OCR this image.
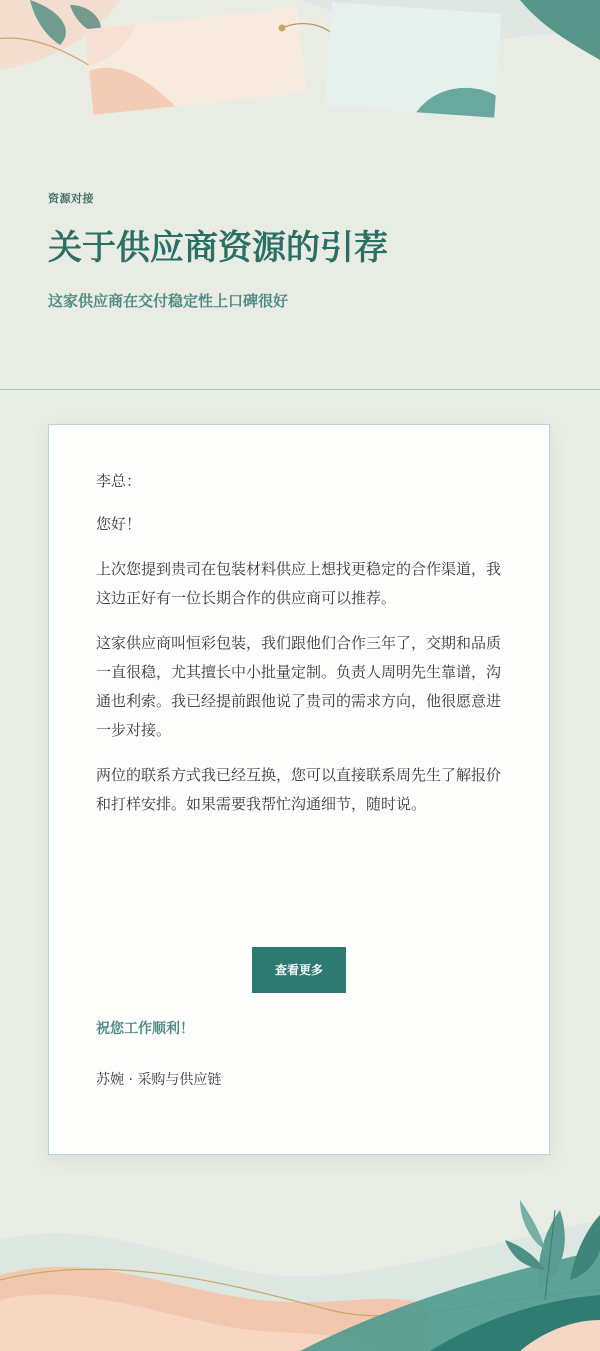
资源对接
关于供应商资源的引荐
这家供应商在交付稳定性上口碑很好

李总：

您好！

上次您提到贵司在包装材料供应上想找更稳定的合作渠道，我这边正好有一位长期合作的供应商可以推荐。

这家供应商叫恒彩包装，我们跟他们合作三年了，交期和品质一直很稳，尤其擅长中小批量定制。负责人周明先生靠谱，沟通也利索。我已经提前跟他说了贵司的需求方向，他很愿意进一步对接。

两位的联系方式我已经互换，您可以直接联系周先生了解报价和打样安排。如果需要我帮忙沟通细节，随时说。

查看更多
祝您工作顺利！
苏婉 · 采购与供应链
